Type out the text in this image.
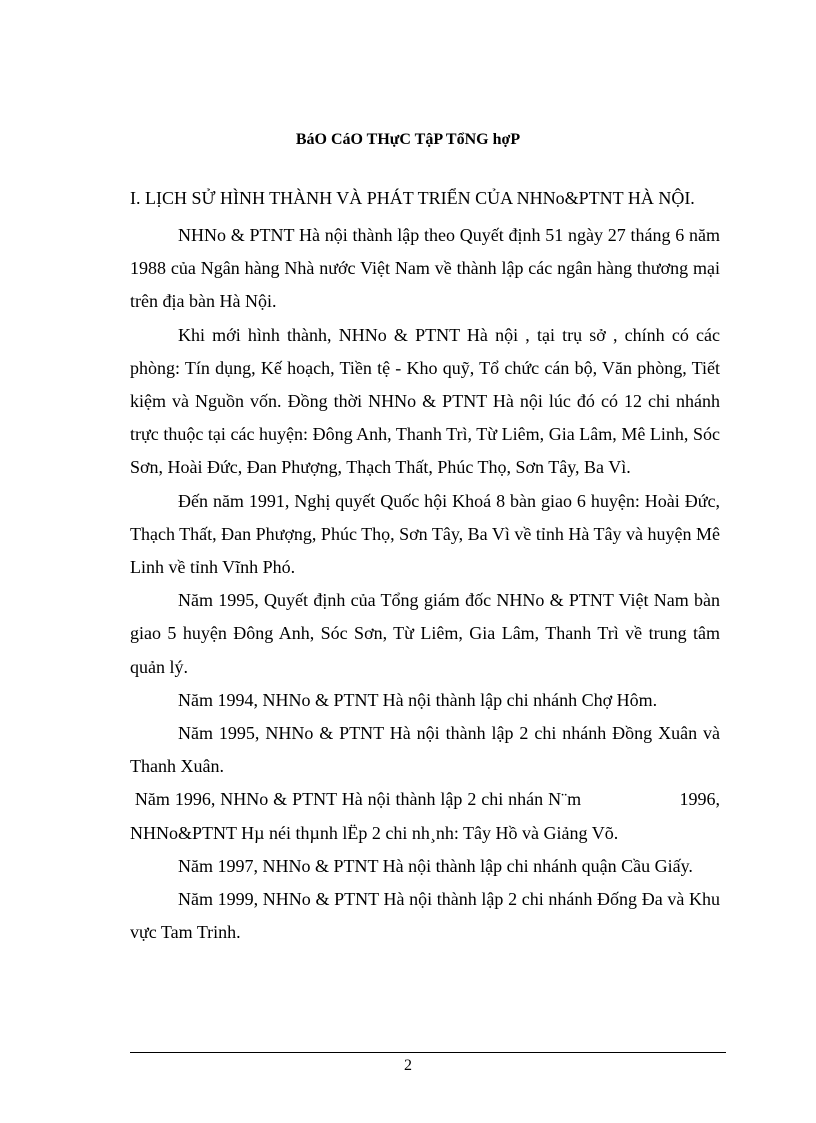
BáO CáO THựC TậP TổNG hợP
I. LỊCH SỬ HÌNH THÀNH VÀ PHÁT TRIỂN CỦA NHNo&PTNT HÀ NỘI.

NHNo & PTNT Hà nội thành lập theo Quyết định 51 ngày 27 tháng 6 năm 1988 của Ngân hàng Nhà nước Việt Nam về thành lập các ngân hàng thương mại trên địa bàn Hà Nội.

Khi mới hình thành, NHNo & PTNT Hà nội , tại trụ sở , chính có các phòng: Tín dụng, Kế hoạch, Tiền tệ - Kho quỹ, Tổ chức cán bộ, Văn phòng, Tiết kiệm và Nguồn vốn. Đồng thời NHNo & PTNT Hà nội lúc đó có 12 chi nhánh trực thuộc tại các huyện: Đông Anh, Thanh Trì, Từ Liêm, Gia Lâm, Mê Linh, Sóc Sơn, Hoài Đức, Đan Phượng, Thạch Thất, Phúc Thọ, Sơn Tây, Ba Vì.

Đến năm 1991, Nghị quyết Quốc hội Khoá 8 bàn giao 6 huyện: Hoài Đức, Thạch Thất, Đan Phượng, Phúc Thọ, Sơn Tây, Ba Vì về tỉnh Hà Tây và huyện Mê Linh về tỉnh Vĩnh Phó.

Năm 1995, Quyết định của Tổng giám đốc NHNo & PTNT Việt Nam bàn giao 5 huyện Đông Anh, Sóc Sơn, Từ Liêm, Gia Lâm, Thanh Trì về trung tâm quản lý.

Năm 1994, NHNo & PTNT Hà nội thành lập chi nhánh Chợ Hôm.

Năm 1995, NHNo & PTNT Hà nội thành lập 2 chi nhánh Đồng Xuân và Thanh Xuân.

Năm 1996, NHNo & PTNT Hà nội thành lập 2 chi nhán N¨m                    1996, NHNo&PTNT Hµ néi thµnh lËp 2 chi nh¸nh: Tây Hồ và Giảng Võ.

Năm 1997, NHNo & PTNT Hà nội thành lập chi nhánh quận Cầu Giấy.

Năm 1999, NHNo & PTNT Hà nội thành lập 2 chi nhánh Đống Đa và Khu vực Tam Trinh.

2
